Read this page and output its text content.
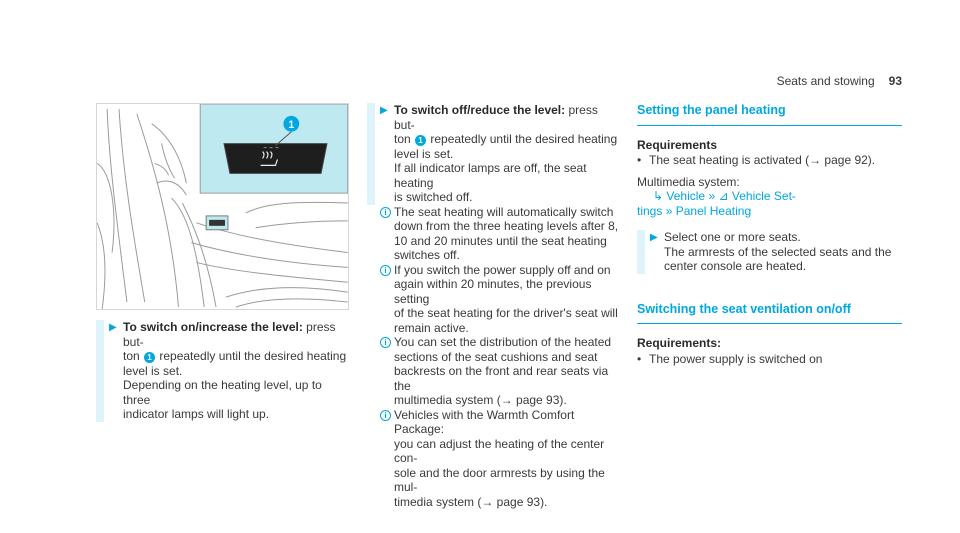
Seats and stowing 93
1
▶ To switch on/increase the level: press but-
ton 1 repeatedly until the desired heating
level is set.
Depending on the heating level, up to three
indicator lamps will light up.
▶ To switch off/reduce the level: press but-
ton 1 repeatedly until the desired heating
level is set.
If all indicator lamps are off, the seat heating
is switched off.
i The seat heating will automatically switch
down from the three heating levels after 8,
10 and 20 minutes until the seat heating
switches off.
i If you switch the power supply off and on
again within 20 minutes, the previous setting
of the seat heating for the driver's seat will
remain active.
i You can set the distribution of the heated
sections of the seat cushions and seat
backrests on the front and rear seats via the
multimedia system (→ page 93).
i Vehicles with the Warmth Comfort Package:
you can adjust the heating of the center con-
sole and the door armrests by using the mul-
timedia system (→ page 93).
Setting the panel heating
Requirements
• The seat heating is activated (→ page 92).
Multimedia system:
↳ Vehicle » ⊿ Vehicle Set-
tings » Panel Heating
▶ Select one or more seats.
The armrests of the selected seats and the
center console are heated.
Switching the seat ventilation on/off
Requirements:
• The power supply is switched on
